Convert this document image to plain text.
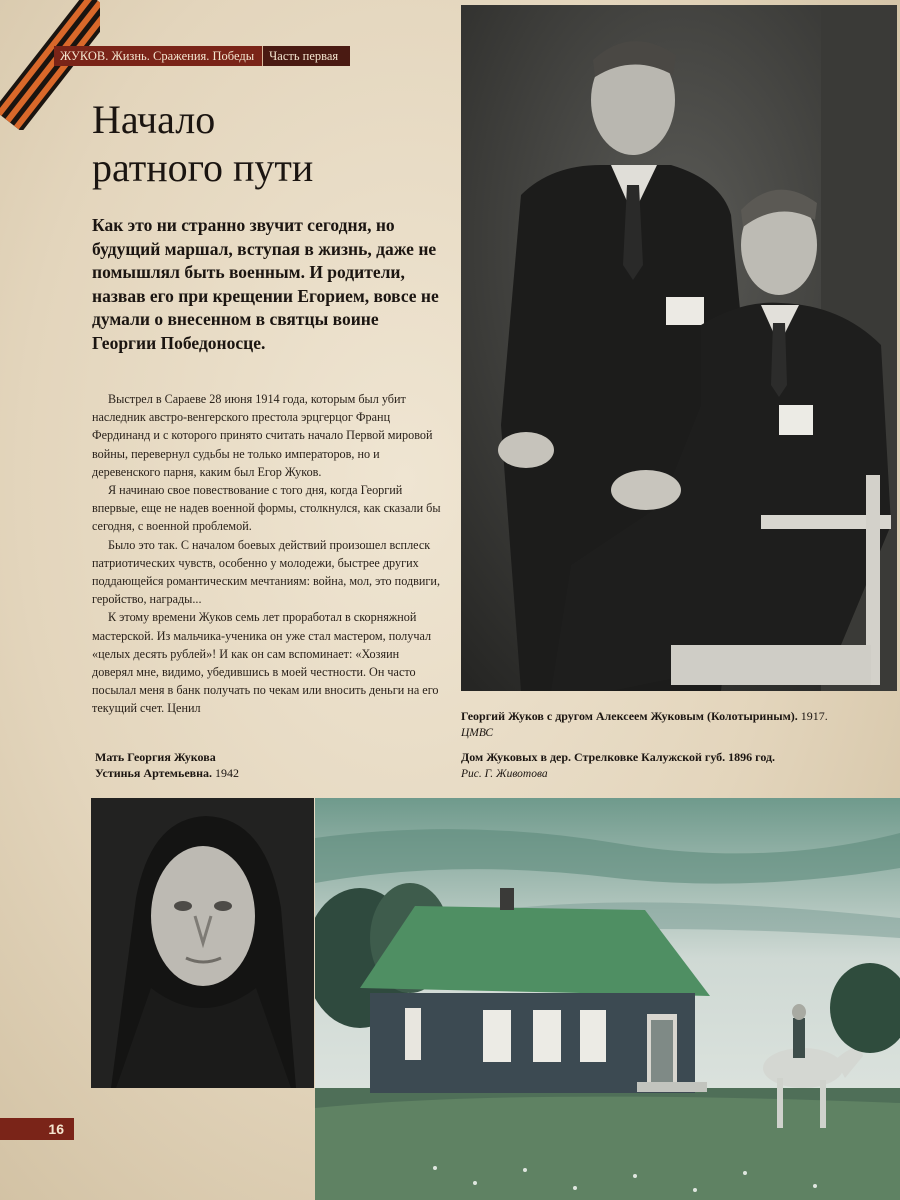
ЖУКОВ. Жизнь. Сражения. Победы	Часть первая
Начало
ратного пути

Как это ни странно звучит сегодня, но будущий маршал, вступая в жизнь, даже не помышлял быть военным. И родители, назвав его при крещении Егорием, вовсе не думали о внесенном в святцы воине Георгии Победоносце.

Выстрел в Сараеве 28 июня 1914 года, которым был убит наследник австро-венгерского престола эрцгерцог Франц Фердинанд и с которого принято считать начало Первой мировой войны, перевернул судьбы не только императоров, но и деревенского парня, каким был Егор Жуков.

Я начинаю свое повествование с того дня, когда Георгий впервые, еще не надев военной формы, столкнулся, как сказали бы сегодня, с военной проблемой.

Было это так. С началом боевых действий произошел всплеск патриотических чувств, особенно у молодежи, быстрее других поддающейся романтическим мечтаниям: война, мол, это подвиги, геройство, награды...

К этому времени Жуков семь лет проработал в скорняжной мастерской. Из мальчика-ученика он уже стал мастером, получал «целых десять рублей»! И как он сам вспоминает: «Хозяин доверял мне, видимо, убедившись в моей честности. Он часто посылал меня в банк получать по чекам или вносить деньги на его текущий счет. Ценил

Георгий Жуков с другом Алексеем Жуковым (Колотыриным). 1917.
ЦМВС
Дом Жуковых в дер. Стрелковке Калужской губ. 1896 год.
Рис. Г. Животова
Мать Георгия Жукова
Устинья Артемьевна. 1942
16
